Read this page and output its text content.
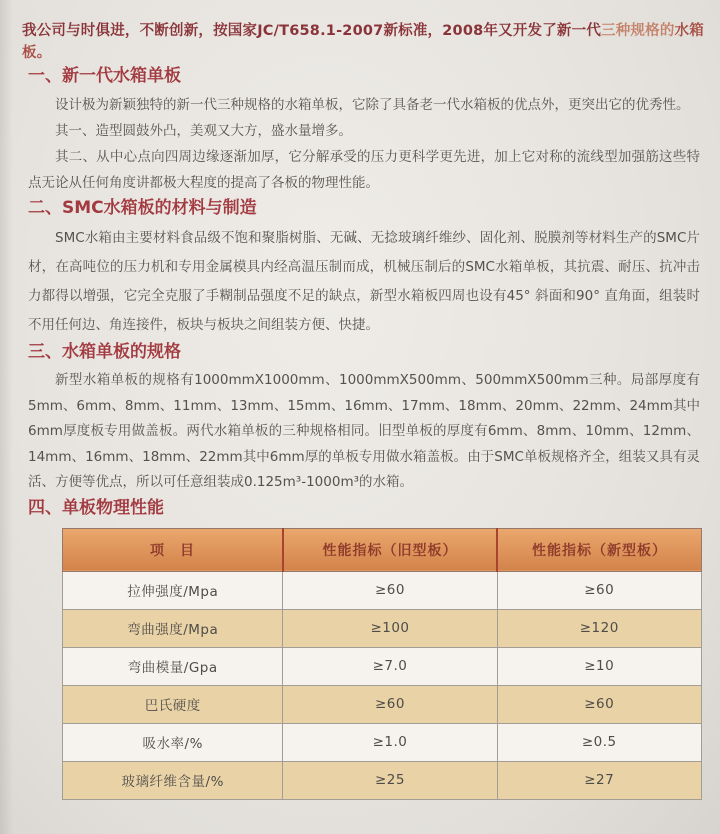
我公司与时俱进，不断创新，按国家JC/T658.1-2007新标准，2008年又开发了新一代三种规格的水箱板。

一、新一代水箱单板

设计极为新颖独特的新一代三种规格的水箱单板，它除了具备老一代水箱板的优点外，更突出它的优秀性。

其一、造型圆鼓外凸，美观又大方，盛水量增多。

其二、从中心点向四周边缘逐渐加厚，它分解承受的压力更科学更先进，加上它对称的流线型加强筋这些特点无论从任何角度讲都极大程度的提高了各板的物理性能。

二、SMC水箱板的材料与制造

SMC水箱由主要材料食品级不饱和聚脂树脂、无碱、无捻玻璃纤维纱、固化剂、脱膜剂等材料生产的SMC片材，在高吨位的压力机和专用金属模具内经高温压制而成，机械压制后的SMC水箱单板，其抗震、耐压、抗冲击力都得以增强，它完全克服了手糊制品强度不足的缺点，新型水箱板四周也设有45° 斜面和90° 直角面，组装时不用任何边、角连接件，板块与板块之间组装方便、快捷。

三、水箱单板的规格

新型水箱单板的规格有1000mmX1000mm、1000mmX500mm、500mmX500mm三种。局部厚度有5mm、6mm、8mm、11mm、13mm、15mm、16mm、17mm、18mm、20mm、22mm、24mm其中6mm厚度板专用做盖板。两代水箱单板的三种规格相同。旧型单板的厚度有6mm、8mm、10mm、12mm、14mm、16mm、18mm、22mm其中6mm厚的单板专用做水箱盖板。由于SMC单板规格齐全，组装又具有灵活、方便等优点，所以可任意组装成0.125m³-1000m³的水箱。

四、单板物理性能
项　目	性能指标（旧型板）	性能指标（新型板）
拉伸强度/Mpa	≥60	≥60
弯曲强度/Mpa	≥100	≥120
弯曲模量/Gpa	≥7.0	≥10
巴氏硬度	≥60	≥60
吸水率/%	≥1.0	≥0.5
玻璃纤维含量/%	≥25	≥27
